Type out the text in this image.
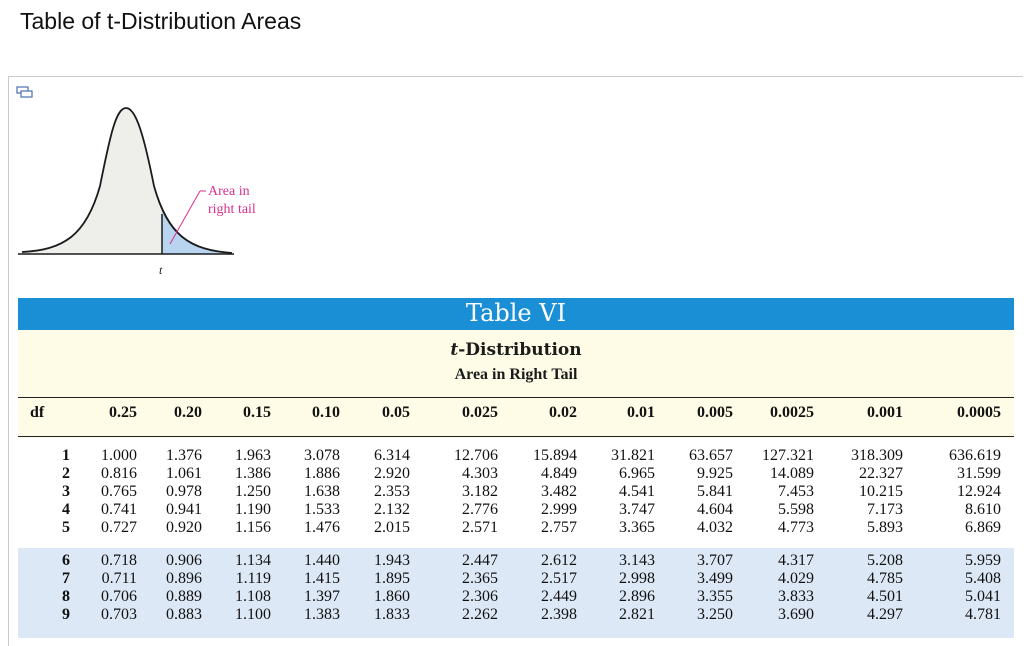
Table of t-Distribution Areas
Area in
right tail
t
Table VI
t-Distribution
Area in Right Tail
df	0.25 0.20	0.15	0.10	0.05	0.025	0.02	0.01	0.005 0.0025	0.001	0.0005
1 1.000 1.376 1.963 3.078 6.314	12.706 15.894 31.821 63.657 127.321 318.309	636.619
2 0.816 1.061 1.386 1.886 2.920	4.303	4.849	6.965	9.925 14.089	22.327	31.599
3 0.765 0.978 1.250 1.638 2.353	3.182	3.482	4.541	5.841	7.453	10.215	12.924
4 0.741 0.941 1.190 1.533 2.132	2.776	2.999	3.747	4.604	5.598	7.173	8.610
5 0.727 0.920 1.156 1.476 2.015	2.571	2.757	3.365	4.032	4.773	5.893	6.869
6 0.718 0.906 1.134 1.440 1.943	2.447	2.612	3.143	3.707	4.317	5.208	5.959
7 0.711 0.896 1.119 1.415 1.895	2.365	2.517	2.998	3.499	4.029	4.785	5.408
8 0.706 0.889 1.108 1.397 1.860	2.306	2.449	2.896	3.355	3.833	4.501	5.041
9 0.703 0.883 1.100 1.383 1.833	2.262	2.398	2.821	3.250	3.690	4.297	4.781
